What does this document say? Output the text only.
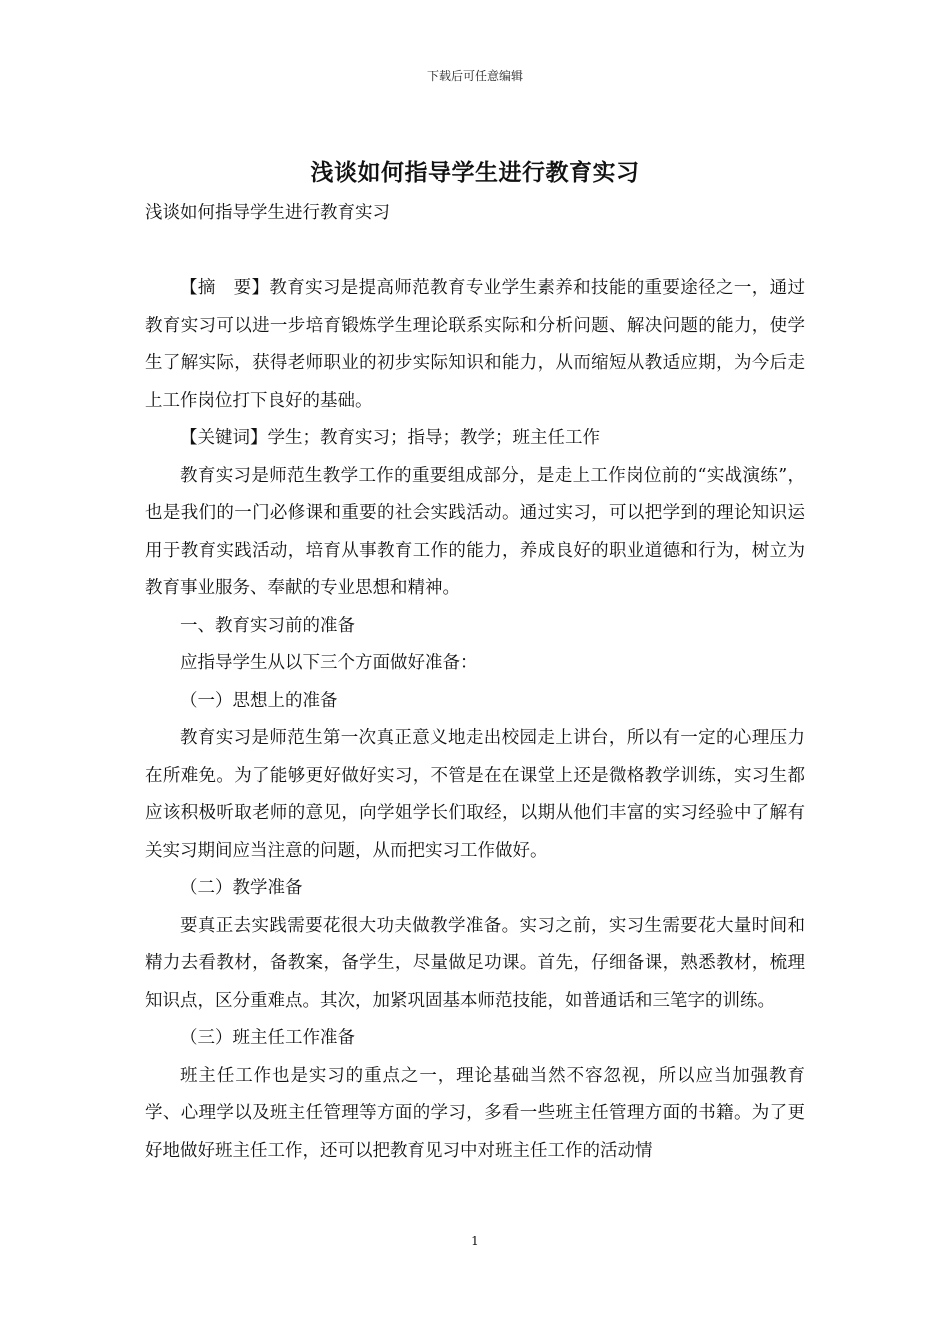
下载后可任意编辑
浅谈如何指导学生进行教育实习
浅谈如何指导学生进行教育实习

【摘　要】教育实习是提高师范教育专业学生素养和技能的重要途径之一，通过教育实习可以进一步培育锻炼学生理论联系实际和分析问题、解决问题的能力，使学生了解实际，获得老师职业的初步实际知识和能力，从而缩短从教适应期，为今后走上工作岗位打下良好的基础。

【关键词】学生；教育实习；指导；教学；班主任工作

教育实习是师范生教学工作的重要组成部分，是走上工作岗位前的“实战演练”，也是我们的一门必修课和重要的社会实践活动。通过实习，可以把学到的理论知识运用于教育实践活动，培育从事教育工作的能力，养成良好的职业道德和行为，树立为教育事业服务、奉献的专业思想和精神。

一、教育实习前的准备

应指导学生从以下三个方面做好准备：

（一）思想上的准备

教育实习是师范生第一次真正意义地走出校园走上讲台，所以有一定的心理压力在所难免。为了能够更好做好实习，不管是在在课堂上还是微格教学训练，实习生都应该积极听取老师的意见，向学姐学长们取经，以期从他们丰富的实习经验中了解有关实习期间应当注意的问题，从而把实习工作做好。

（二）教学准备

要真正去实践需要花很大功夫做教学准备。实习之前，实习生需要花大量时间和精力去看教材，备教案，备学生，尽量做足功课。首先，仔细备课，熟悉教材，梳理知识点，区分重难点。其次，加紧巩固基本师范技能，如普通话和三笔字的训练。

（三）班主任工作准备

班主任工作也是实习的重点之一，理论基础当然不容忽视，所以应当加强教育学、心理学以及班主任管理等方面的学习，多看一些班主任管理方面的书籍。为了更好地做好班主任工作，还可以把教育见习中对班主任工作的活动情

1
